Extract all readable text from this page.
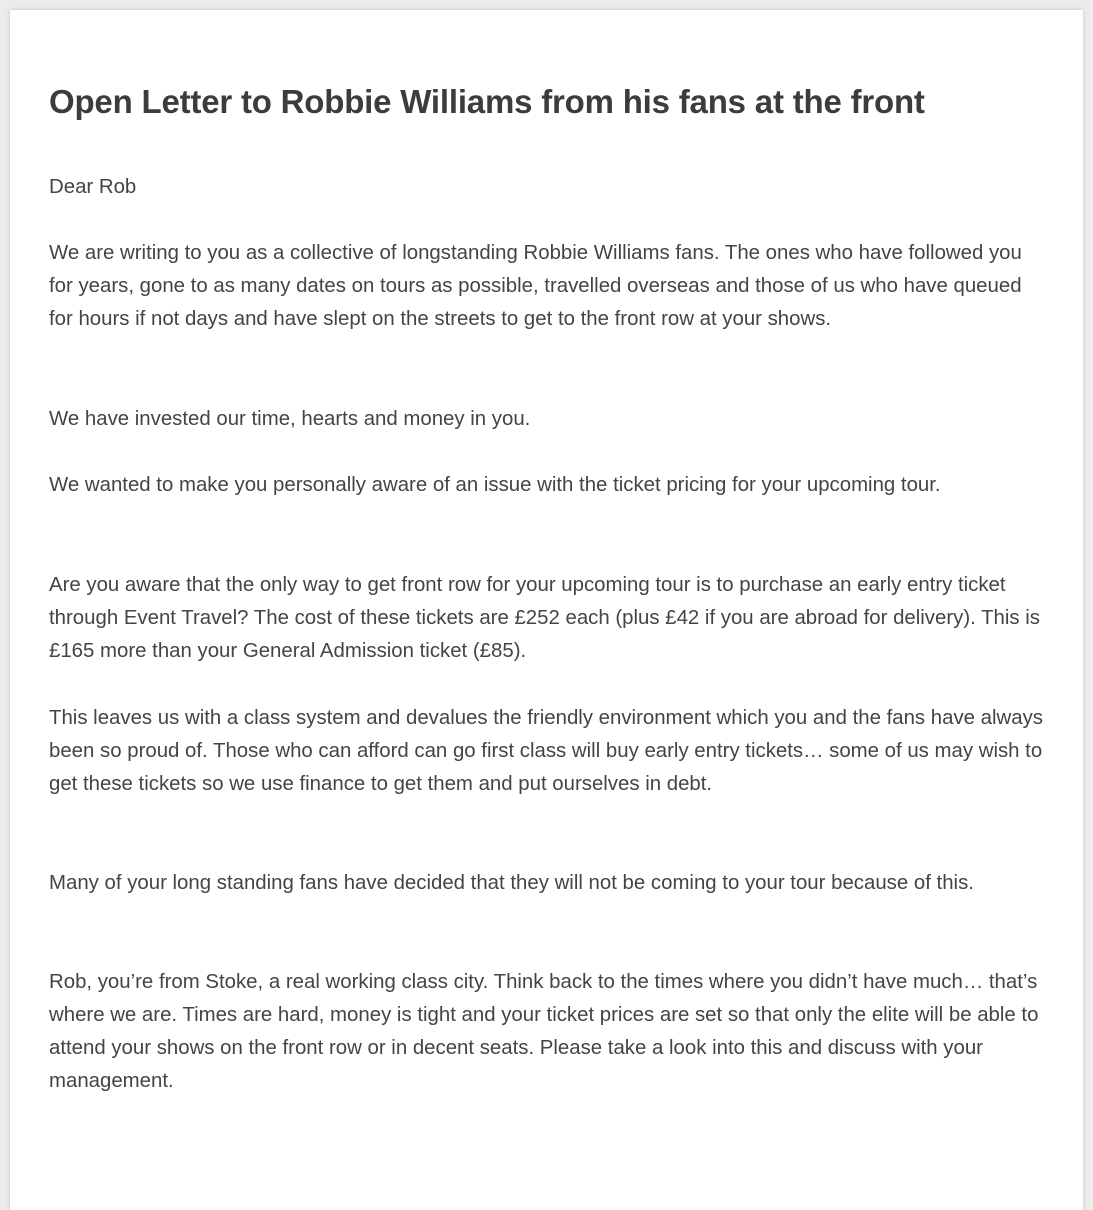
Open Letter to Robbie Williams from his fans at the front

Dear Rob

We are writing to you as a collective of longstanding Robbie Williams fans. The ones who have followed you for years, gone to as many dates on tours as possible, travelled overseas and those of us who have queued for hours if not days and have slept on the streets to get to the front row at your shows.

We have invested our time, hearts and money in you.

We wanted to make you personally aware of an issue with the ticket pricing for your upcoming tour.

Are you aware that the only way to get front row for your upcoming tour is to purchase an early entry ticket through Event Travel? The cost of these tickets are £252 each (plus £42 if you are abroad for delivery). This is £165 more than your General Admission ticket (£85).

This leaves us with a class system and devalues the friendly environment which you and the fans have always been so proud of. Those who can afford can go first class will buy early entry tickets… some of us may wish to get these tickets so we use finance to get them and put ourselves in debt.

Many of your long standing fans have decided that they will not be coming to your tour because of this.

Rob, you’re from Stoke, a real working class city. Think back to the times where you didn’t have much… that’s where we are. Times are hard, money is tight and your ticket prices are set so that only the elite will be able to attend your shows on the front row or in decent seats. Please take a look into this and discuss with your management.
